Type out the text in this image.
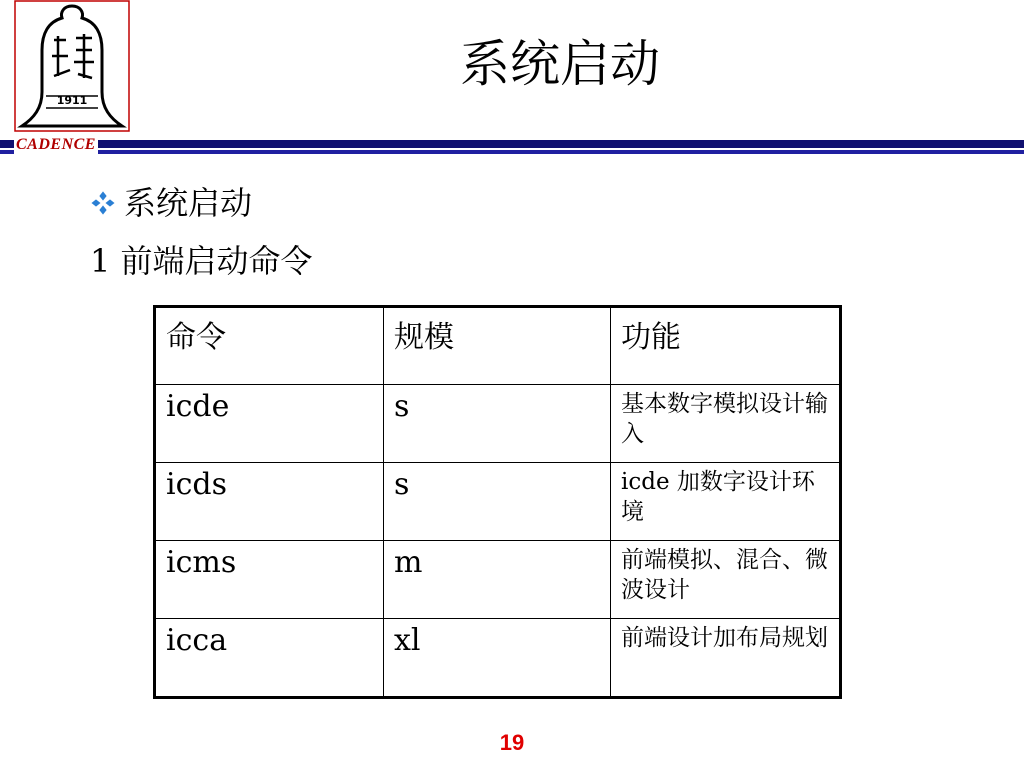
1911
CADENCE
系统启动
系统启动
1 前端启动命令
命令	规模	功能
icde	s	基本数字模拟设计输入
icds	s	icde 加数字设计环境
icms	m	前端模拟、混合、微波设计
icca	xl	前端设计加布局规划
19
